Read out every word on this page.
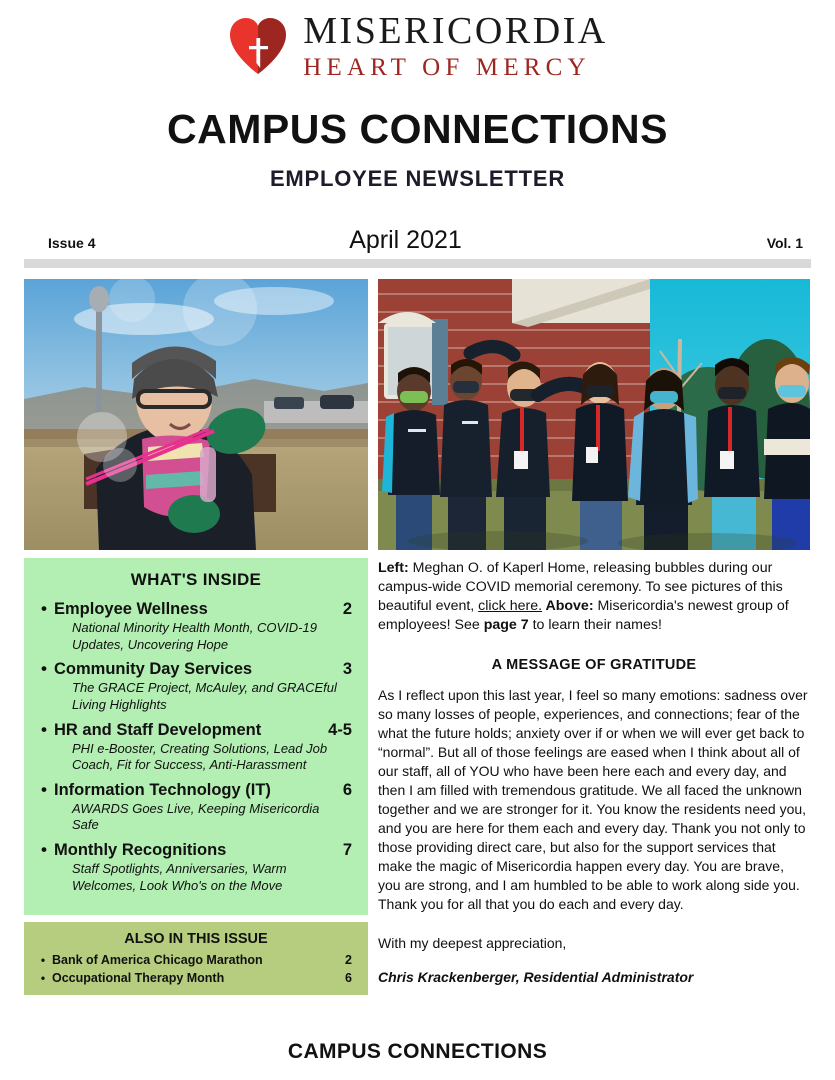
MISERICORDIA
HEART OF MERCY
CAMPUS CONNECTIONS
EMPLOYEE NEWSLETTER
Issue 4	April 2021	Vol. 1
WHAT'S INSIDE
• Employee Wellness	2
National Minority Health Month, COVID-19 Updates, Uncovering Hope
• Community Day Services	3
The GRACE Project, McAuley, and GRACEful Living Highlights
• HR and Staff Development	4-5
PHI e-Booster, Creating Solutions, Lead Job Coach, Fit for Success, Anti-Harassment
• Information Technology (IT)	6
AWARDS Goes Live, Keeping Misericordia Safe
• Monthly Recognitions	7
Staff Spotlights, Anniversaries, Warm Welcomes, Look Who's on the Move
ALSO IN THIS ISSUE
• Bank of America Chicago Marathon	2
• Occupational Therapy Month	6
Left: Meghan O. of Kaperl Home, releasing bubbles during our campus-wide COVID memorial ceremony. To see pictures of this beautiful event, click here. Above: Misericordia's newest group of employees! See page 7 to learn their names!
A MESSAGE OF GRATITUDE
As I reflect upon this last year, I feel so many emotions: sadness over so many losses of people, experiences, and connections; fear of the what the future holds; anxiety over if or when we will ever get back to “normal”. But all of those feelings are eased when I think about all of our staff, all of YOU who have been here each and every day, and then I am filled with tremendous gratitude. We all faced the unknown together and we are stronger for it. You know the residents need you, and you are here for them each and every day. Thank you not only to those providing direct care, but also for the support services that make the magic of Misericordia happen every day. You are brave, you are strong, and I am humbled to be able to work along side you. Thank you for all that you do each and every day.
With my deepest appreciation,
Chris Krackenberger, Residential Administrator
CAMPUS CONNECTIONS
